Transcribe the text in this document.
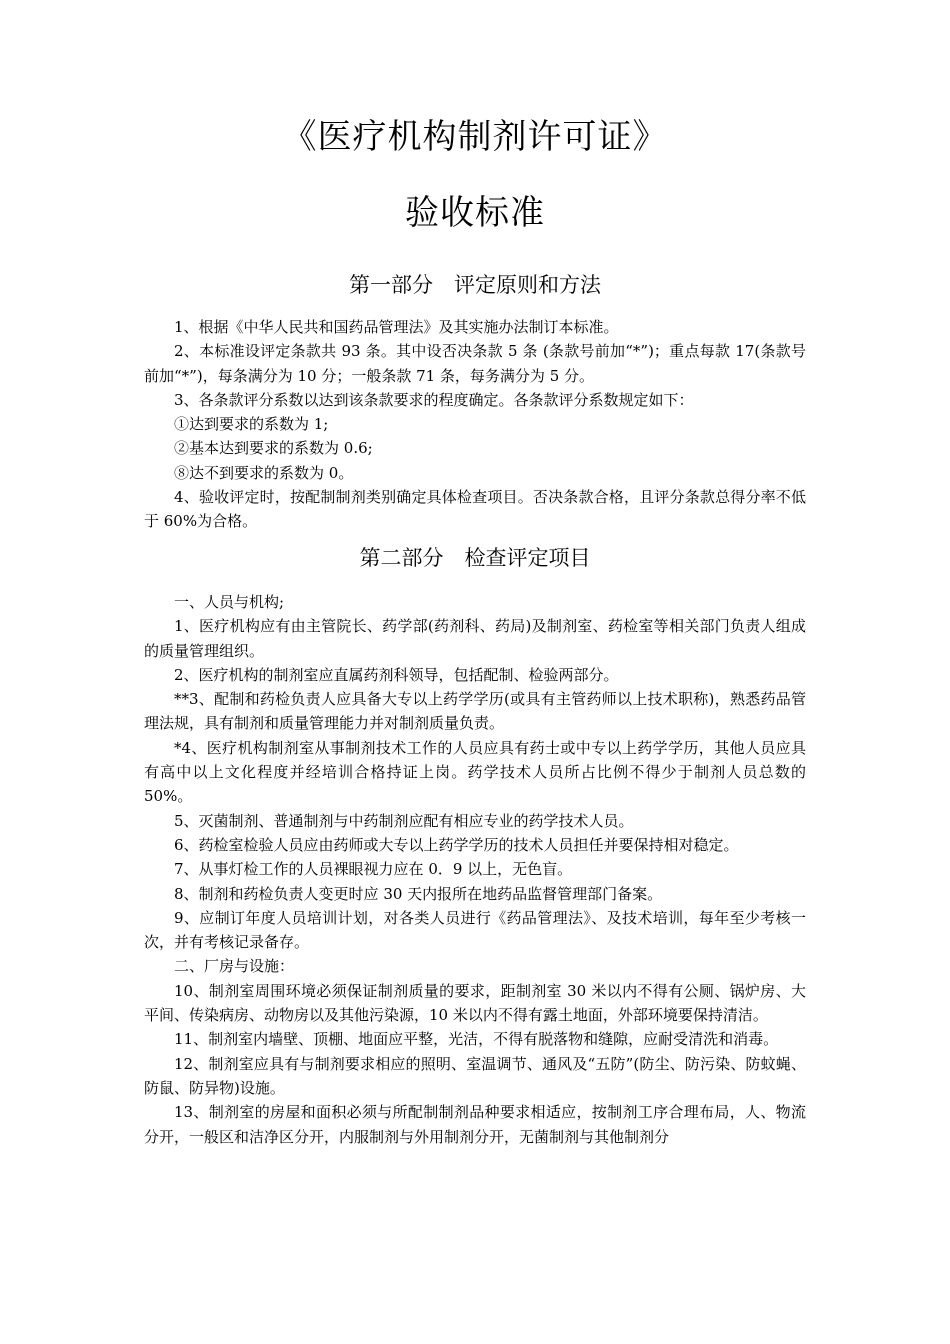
《医疗机构制剂许可证》
验收标准
第一部分　评定原则和方法

1、根据《中华人民共和国药品管理法》及其实施办法制订本标准。

2、本标准设评定条款共 93 条。其中设否决条款 5 条 (条款号前加“*”)；重点每款 17(条款号前加“*”)，每条满分为 10 分；一般条款 71 条，每务满分为 5 分。

3、各条款评分系数以达到该条款要求的程度确定。各条款评分系数规定如下：

①达到要求的系数为 1;

②基本达到要求的系数为 0.6;

⑧达不到要求的系数为 0。

4、验收评定时，按配制制剂类别确定具体检查项目。否决条款合格，且评分条款总得分率不低于 60%为合格。

第二部分　检查评定项目

一、人员与机构;

1、医疗机构应有由主管院长、药学部(药剂科、药局)及制剂室、药检室等相关部门负责人组成的质量管理组织。

2、医疗机构的制剂室应直属药剂科领导，包括配制、检验两部分。

**3、配制和药检负责人应具备大专以上药学学历(或具有主管药师以上技术职称)，熟悉药品管理法规，具有制剂和质量管理能力并对制剂质量负责。

*4、医疗机构制剂室从事制剂技术工作的人员应具有药士或中专以上药学学历，其他人员应具有高中以上文化程度并经培训合格持证上岗。药学技术人员所占比例不得少于制剂人员总数的 50%。

5、灭菌制剂、普通制剂与中药制剂应配有相应专业的药学技术人员。

6、药检室检验人员应由药师或大专以上药学学历的技术人员担任并要保持相对稳定。

7、从事灯检工作的人员裸眼视力应在 0．9 以上，无色盲。

8、制剂和药检负责人变更时应 30 天内报所在地药品监督管理部门备案。

9、应制订年度人员培训计划，对各类人员进行《药品管理法》、及技术培训，每年至少考核一次，并有考核记录备存。

二、厂房与设施：

10、制剂室周围环境必须保证制剂质量的要求，距制剂室 30 米以内不得有公厕、锅炉房、大平间、传染病房、动物房以及其他污染源，10 米以内不得有露土地面，外部环境要保持清洁。

11、制剂室内墙壁、顶棚、地面应平整，光洁，不得有脱落物和缝隙，应耐受清洗和消毒。

12、制剂室应具有与制剂要求相应的照明、室温调节、通风及“五防”(防尘、防污染、防蚊蝇、防鼠、防异物)设施。

13、制剂室的房屋和面积必须与所配制制剂品种要求相适应，按制剂工序合理布局，人、物流分开，一般区和洁净区分开，内服制剂与外用制剂分开，无菌制剂与其他制剂分
